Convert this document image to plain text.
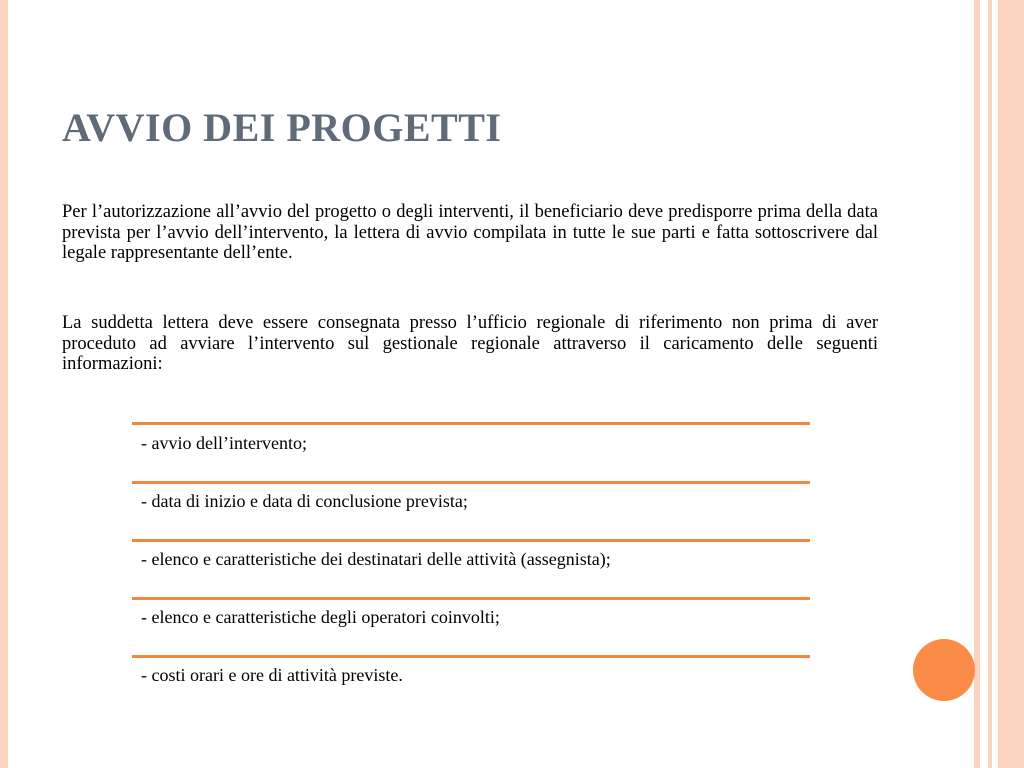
AVVIO DEI PROGETTI

Per l’autorizzazione all’avvio del progetto o degli interventi, il beneficiario deve predisporre prima della data prevista per l’avvio dell’intervento, la lettera di avvio compilata in tutte le sue parti e fatta sottoscrivere dal legale rappresentante dell’ente.

La suddetta lettera deve essere consegnata presso l’ufficio regionale di riferimento non prima di aver proceduto ad avviare l’intervento sul gestionale regionale attraverso il caricamento delle seguenti informazioni:

- avvio dell’intervento;
- data di inizio e data di conclusione prevista;
- elenco e caratteristiche dei destinatari delle attività (assegnista);
- elenco e caratteristiche degli operatori coinvolti;
- costi orari e ore di attività previste.
